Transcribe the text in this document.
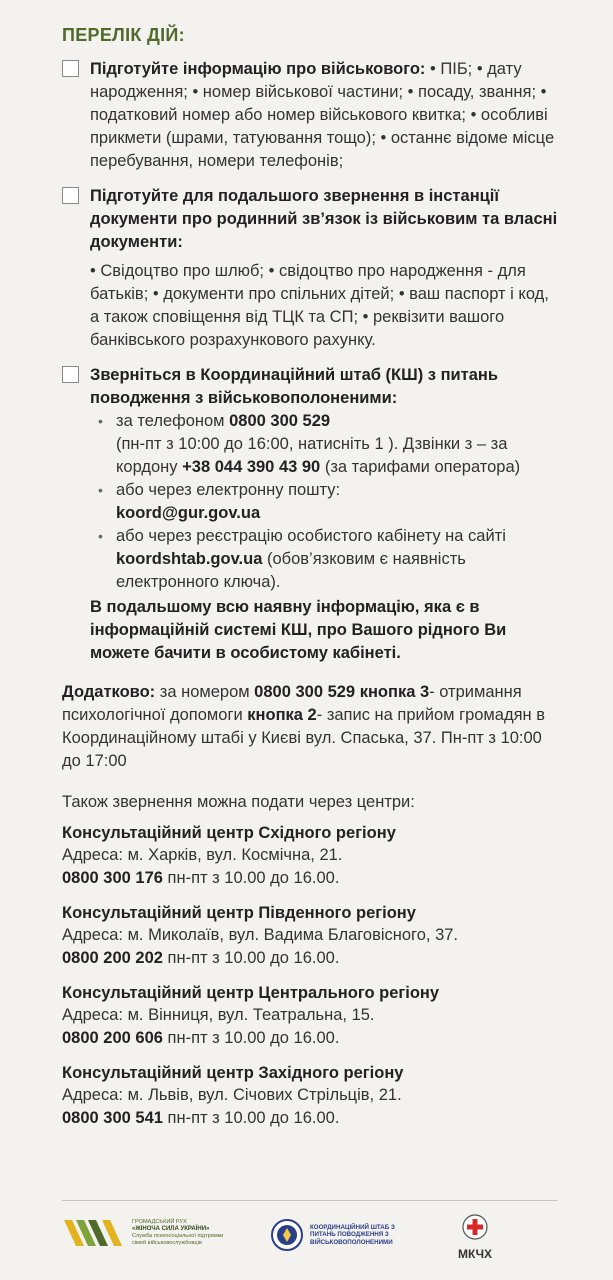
ПЕРЕЛІК ДІЙ:
Підготуйте інформацію про військового: • ПІБ; • дату народження; • номер військової частини; • посаду, звання; • податковий номер або номер військового квитка; • особливі прикмети (шрами, татуювання тощо); • останнє відоме місце перебування, номери телефонів;
Підготуйте для подальшого звернення в інстанції документи про родинний зв’язок із військовим та власні документи:
• Свідоцтво про шлюб; • свідоцтво про народження - для батьків; • документи про спільних дітей; • ваш паспорт і код, а також сповіщення від ТЦК та СП; • реквізити вашого банківського розрахункового рахунку.
Зверніться в Координаційний штаб (КШ) з питань поводження з військовополоненими:
• за телефоном 0800 300 529
(пн-пт з 10:00 до 16:00, натисніть 1 ). Дзвінки з – за кордону +38 044 390 43 90 (за тарифами оператора)
• або через електронну пошту:
koord@gur.gov.ua
• або через реєстрацію особистого кабінету на сайті koordshtab.gov.ua (обов’язковим є наявність електронного ключа).
В подальшому всю наявну інформацію, яка є в інформаційній системі КШ, про Вашого рідного Ви можете бачити в особистому кабінеті.
Додатково: за номером 0800 300 529 кнопка 3- отримання психологічної допомоги кнопка 2- запис на прийом громадян в Координаційному штабі у Києві вул. Спаська, 37. Пн-пт з 10:00 до 17:00
Також звернення можна подати через центри:
Консультаційний центр Східного регіону
Адреса: м. Харків, вул. Космічна, 21.
0800 300 176 пн-пт з 10.00 до 16.00.
Консультаційний центр Південного регіону
Адреса: м. Миколаїв, вул. Вадима Благовісного, 37.
0800 200 202 пн-пт з 10.00 до 16.00.
Консультаційний центр Центрального регіону
Адреса: м. Вінниця, вул. Театральна, 15.
0800 200 606 пн-пт з 10.00 до 16.00.
Консультаційний центр Західного регіону
Адреса: м. Львів, вул. Січових Стрільців, 21.
0800 300 541 пн-пт з 10.00 до 16.00.
ГРОМАДСЬКИЙ РУХ
«ЖІНОЧА СИЛА УКРАЇНИ»
Служба психосоціальної підтримки сімей військовослужбовців
КООРДИНАЦІЙНИЙ ШТАБ З
ПИТАНЬ ПОВОДЖЕННЯ З
ВІЙСЬКОВОПОЛОНЕНИМИ
МКЧХ
